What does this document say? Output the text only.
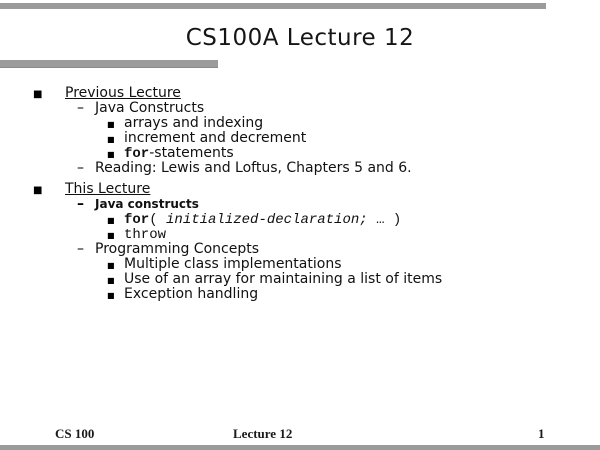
CS100A Lecture 12
■	Previous Lecture
– Java Constructs
■ arrays and indexing
■ increment and decrement
■ for-statements
– Reading: Lewis and Loftus, Chapters 5 and 6.
■	This Lecture
– Java constructs
■ for( initialized-declaration; … )
■ throw
– Programming Concepts
■ Multiple class implementations
■ Use of an array for maintaining a list of items
■ Exception handling
CS 100	Lecture 12	1
